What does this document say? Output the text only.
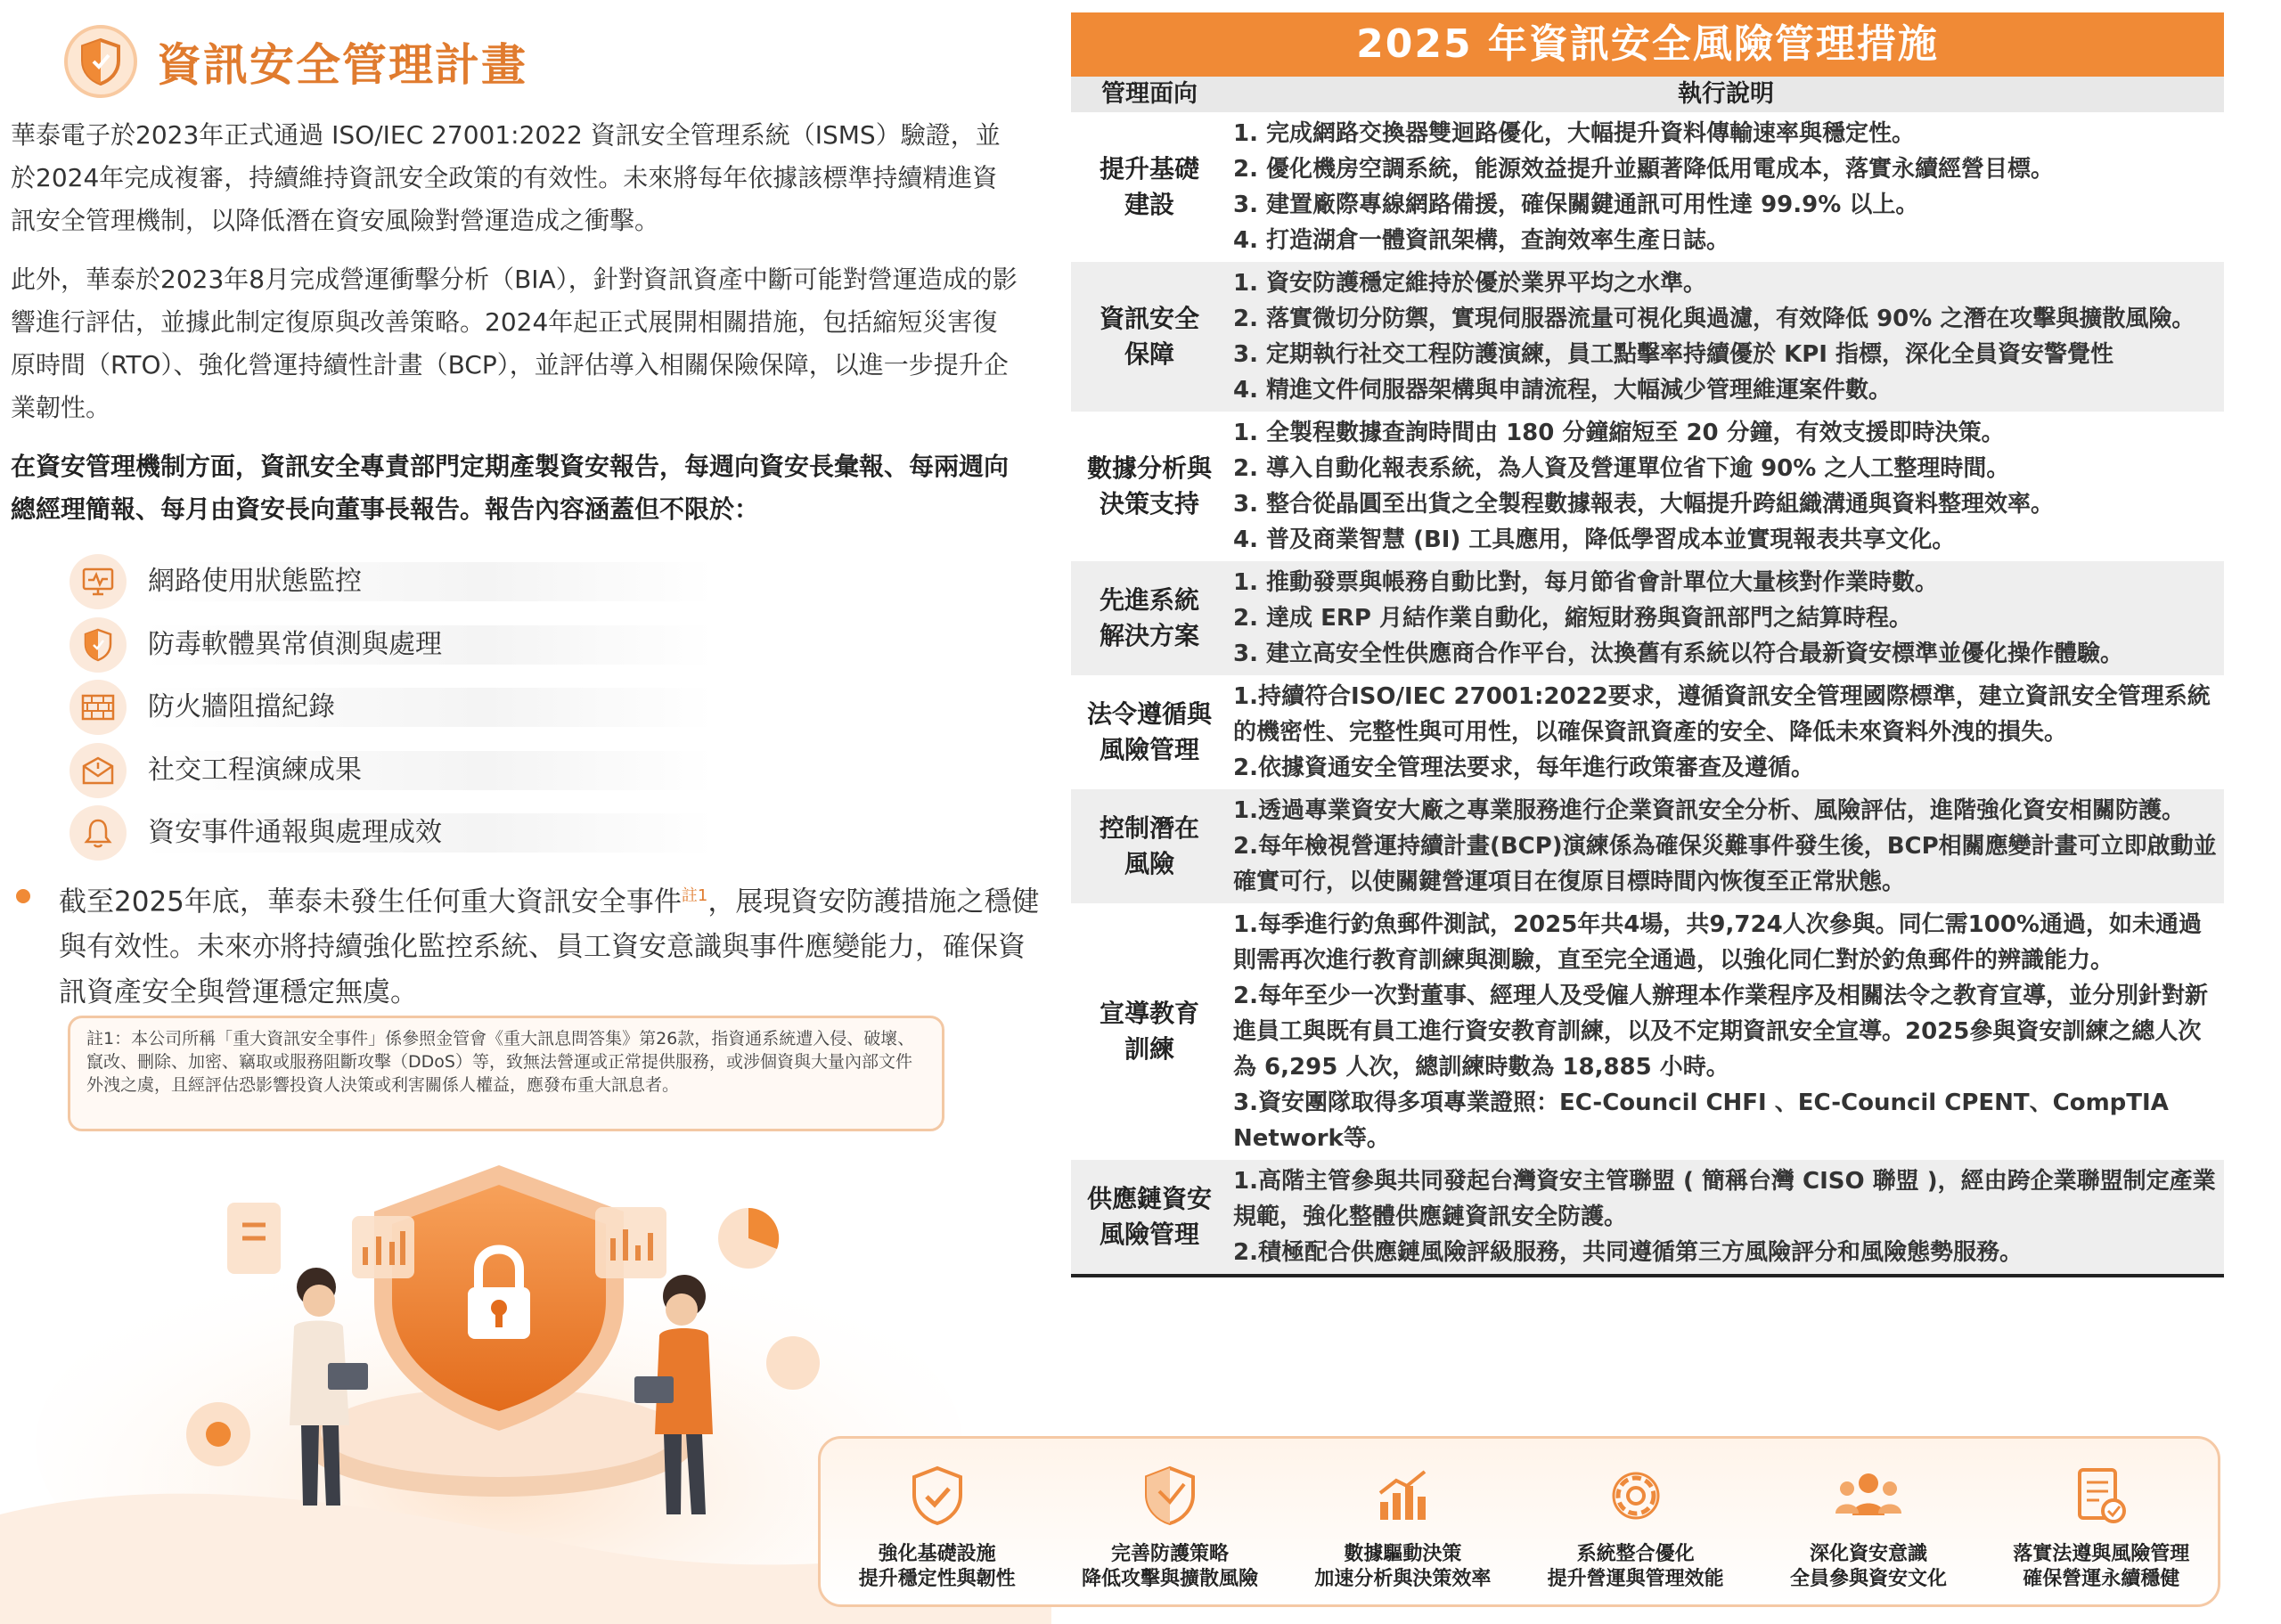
資訊安全管理計畫

華泰電子於2023年正式通過 ISO/IEC 27001:2022 資訊安全管理系統（ISMS）驗證，並於2024年完成複審，持續維持資訊安全政策的有效性。未來將每年依據該標準持續精進資訊安全管理機制，以降低潛在資安風險對營運造成之衝擊。

此外，華泰於2023年8月完成營運衝擊分析（BIA），針對資訊資產中斷可能對營運造成的影響進行評估，並據此制定復原與改善策略。2024年起正式展開相關措施，包括縮短災害復原時間（RTO）、強化營運持續性計畫（BCP），並評估導入相關保險保障，以進一步提升企業韌性。

在資安管理機制方面，資訊安全專責部門定期產製資安報告，每週向資安長彙報、每兩週向總經理簡報、每月由資安長向董事長報告。報告內容涵蓋但不限於：

網路使用狀態監控
防毒軟體異常偵測與處理
防火牆阻擋紀錄
社交工程演練成果
資安事件通報與處理成效

截至2025年底，華泰未發生任何重大資訊安全事件$^{註1}$，展現資安防護措施之穩健與有效性。未來亦將持續強化監控系統、員工資安意識與事件應變能力，確保資訊資產安全與營運穩定無虞。

註1：本公司所稱「重大資訊安全事件」係參照金管會《重大訊息問答集》第26款，指資通系統遭入侵、破壞、竄改、刪除、加密、竊取或服務阻斷攻擊（DDoS）等，致無法營運或正常提供服務，或涉個資與大量內部文件外洩之虞，且經評估恐影響投資人決策或利害關係人權益，應發布重大訊息者。

2025 年資訊安全風險管理措施
管理面向	執行說明
提升基礎
建設
1. 完成網路交換器雙迴路優化，大幅提升資料傳輸速率與穩定性。
2. 優化機房空調系統，能源效益提升並顯著降低用電成本，落實永續經營目標。
3. 建置廠際專線網路備援，確保關鍵通訊可用性達 99.9% 以上。
4. 打造湖倉一體資訊架構，查詢效率生產日誌。
資訊安全
保障
1. 資安防護穩定維持於優於業界平均之水準。
2. 落實微切分防禦，實現伺服器流量可視化與過濾，有效降低 90% 之潛在攻擊與擴散風險。
3. 定期執行社交工程防護演練，員工點擊率持續優於 KPI 指標，深化全員資安警覺性
4. 精進文件伺服器架構與申請流程，大幅減少管理維運案件數。
數據分析與
決策支持
1. 全製程數據查詢時間由 180 分鐘縮短至 20 分鐘，有效支援即時決策。
2. 導入自動化報表系統，為人資及營運單位省下逾 90% 之人工整理時間。
3. 整合從晶圓至出貨之全製程數據報表，大幅提升跨組織溝通與資料整理效率。
4. 普及商業智慧 (BI) 工具應用，降低學習成本並實現報表共享文化。
先進系統
解決方案
1. 推動發票與帳務自動比對，每月節省會計單位大量核對作業時數。
2. 達成 ERP 月結作業自動化，縮短財務與資訊部門之結算時程。
3. 建立高安全性供應商合作平台，汰換舊有系統以符合最新資安標準並優化操作體驗。
法令遵循與
風險管理
1.持續符合ISO/IEC 27001:2022要求，遵循資訊安全管理國際標準，建立資訊安全管理系統的機密性、完整性與可用性，以確保資訊資產的安全、降低未來資料外洩的損失。
2.依據資通安全管理法要求，每年進行政策審查及遵循。
控制潛在
風險
1.透過專業資安大廠之專業服務進行企業資訊安全分析、風險評估，進階強化資安相關防護。
2.每年檢視營運持續計畫(BCP)演練係為確保災難事件發生後，BCP相關應變計畫可立即啟動並確實可行，以使關鍵營運項目在復原目標時間內恢復至正常狀態。
宣導教育
訓練
1.每季進行釣魚郵件測試，2025年共4場，共9,724人次參與。同仁需100%通過，如未通過則需再次進行教育訓練與測驗，直至完全通過，以強化同仁對於釣魚郵件的辨識能力。
2.每年至少一次對董事、經理人及受僱人辦理本作業程序及相關法令之教育宣導，並分別針對新進員工與既有員工進行資安教育訓練，以及不定期資訊安全宣導。2025參與資安訓練之總人次為 6,295 人次，總訓練時數為 18,885 小時。
3.資安團隊取得多項專業證照：EC-Council CHFI 、EC-Council CPENT、CompTIA Network等。
供應鏈資安
風險管理
1.高階主管參與共同發起台灣資安主管聯盟 ( 簡稱台灣 CISO 聯盟 )，經由跨企業聯盟制定產業規範，強化整體供應鏈資訊安全防護。
2.積極配合供應鏈風險評級服務，共同遵循第三方風險評分和風險態勢服務。
強化基礎設施
提升穩定性與韌性
完善防護策略
降低攻擊與擴散風險
數據驅動決策
加速分析與決策效率
系統整合優化
提升營運與管理效能
深化資安意識
全員參與資安文化
落實法遵與風險管理
確保營運永續穩健
